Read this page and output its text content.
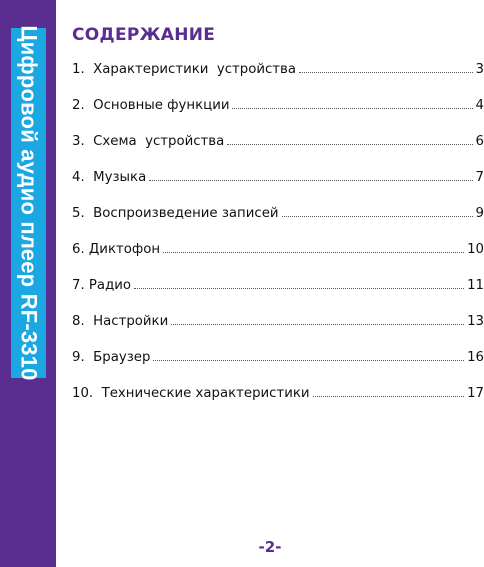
Цифровой аудио плеер RF-3310 СОДЕРЖАНИЕ
1.  Характеристики  устройства	3
2.  Основные функции	4
3.  Схема  устройства	6
4.  Музыка	7
5.  Воспроизведение записей	9
6. Диктофон	10
7. Радио	11
8.  Настройки	13
9.  Браузер	16
10.  Технические характеристики	17
-2-
